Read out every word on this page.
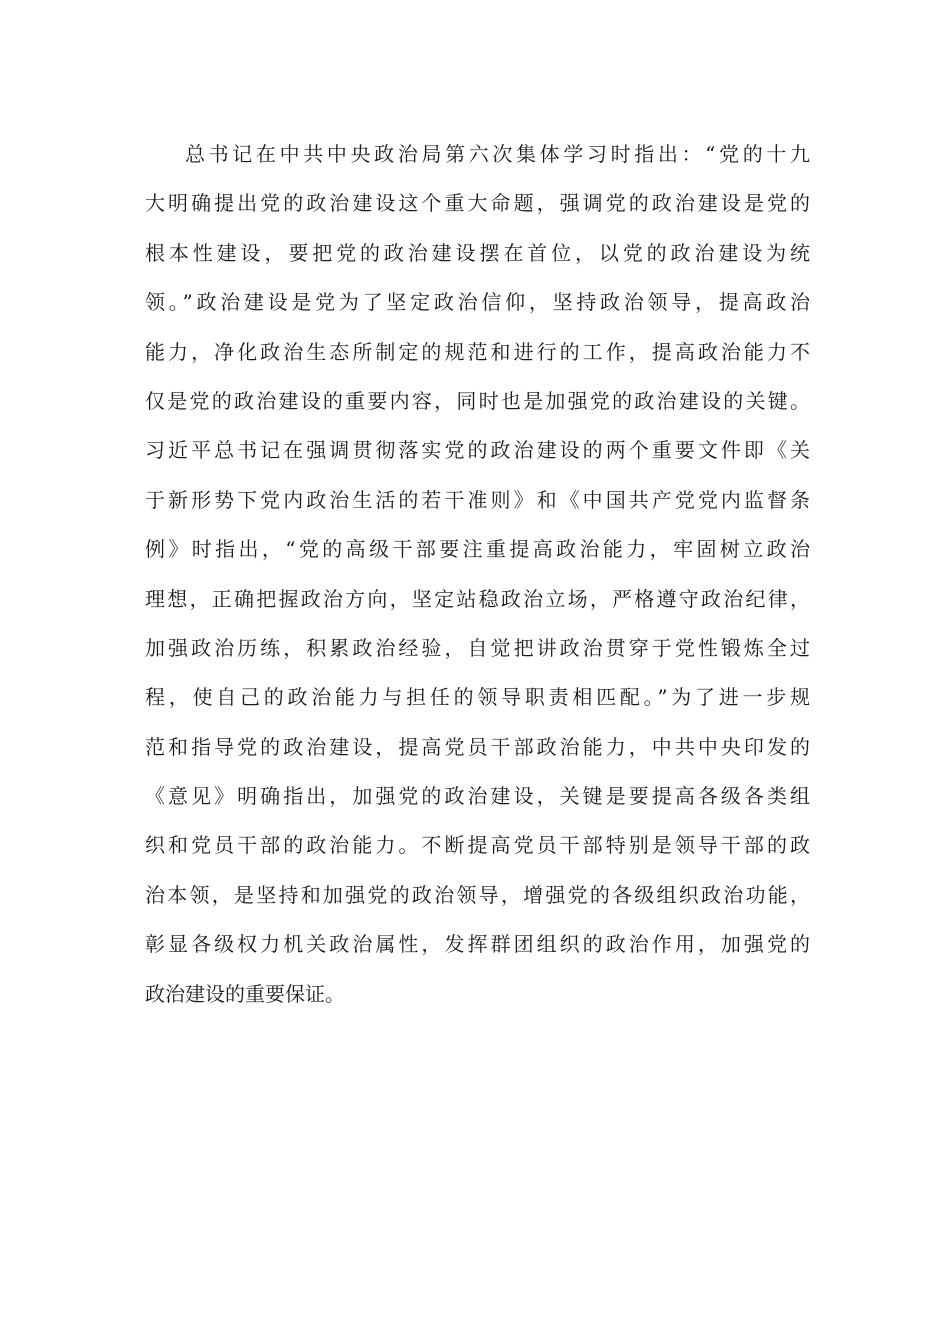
总书记在中共中央政治局第六次集体学习时指出：“党的十九
大明确提出党的政治建设这个重大命题，强调党的政治建设是党的
根本性建设，要把党的政治建设摆在首位，以党的政治建设为统
领。”政治建设是党为了坚定政治信仰，坚持政治领导，提高政治
能力，净化政治生态所制定的规范和进行的工作，提高政治能力不
仅是党的政治建设的重要内容，同时也是加强党的政治建设的关键。
习近平总书记在强调贯彻落实党的政治建设的两个重要文件即《关
于新形势下党内政治生活的若干准则》和《中国共产党党内监督条
例》时指出，“党的高级干部要注重提高政治能力，牢固树立政治
理想，正确把握政治方向，坚定站稳政治立场，严格遵守政治纪律，
加强政治历练，积累政治经验，自觉把讲政治贯穿于党性锻炼全过
程，使自己的政治能力与担任的领导职责相匹配。”为了进一步规
范和指导党的政治建设，提高党员干部政治能力，中共中央印发的
《意见》明确指出，加强党的政治建设，关键是要提高各级各类组
织和党员干部的政治能力。不断提高党员干部特别是领导干部的政
治本领，是坚持和加强党的政治领导，增强党的各级组织政治功能，
彰显各级权力机关政治属性，发挥群团组织的政治作用，加强党的
政治建设的重要保证。
